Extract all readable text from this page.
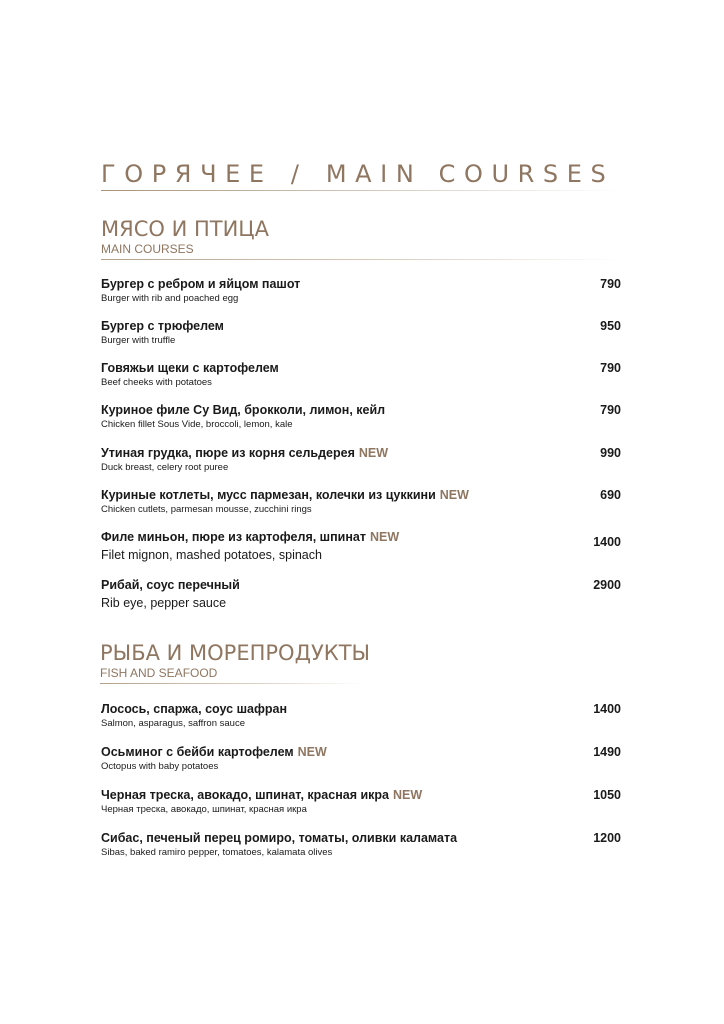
ГОРЯЧЕЕ / MAIN COURSES
МЯСО И ПТИЦА
MAIN COURSES
Бургер с ребром и яйцом пашот
Burger with rib and poached egg
790
Бургер с трюфелем
Burger with truffle
950
Говяжьи щеки с картофелем
Beef cheeks with potatoes
790
Куриное филе Су Вид, брокколи, лимон, кейл
Chicken fillet Sous Vide, broccoli, lemon, kale
790
Утиная грудка, пюре из корня сельдерея NEW
Duck breast, celery root puree
990
Куриные котлеты, мусс пармезан, колечки из цуккини NEW
Chicken cutlets, parmesan mousse, zucchini rings
690
Филе миньон, пюре из картофеля, шпинат NEW
Filet mignon, mashed potatoes, spinach
1400
Рибай, соус перечный
Rib eye, pepper sauce
2900
РЫБА И МОРЕПРОДУКТЫ
FISH AND SEAFOOD
Лосось, спаржа, соус шафран
Salmon, asparagus, saffron sauce
1400
Осьминог с бейби картофелем NEW
Octopus with baby potatoes
1490
Черная треска, авокадо, шпинат, красная икра NEW
Черная треска, авокадо, шпинат, красная икра
1050
Сибас, печеный перец ромиро, томаты, оливки каламата
Sibas, baked ramiro pepper, tomatoes, kalamata olives
1200
